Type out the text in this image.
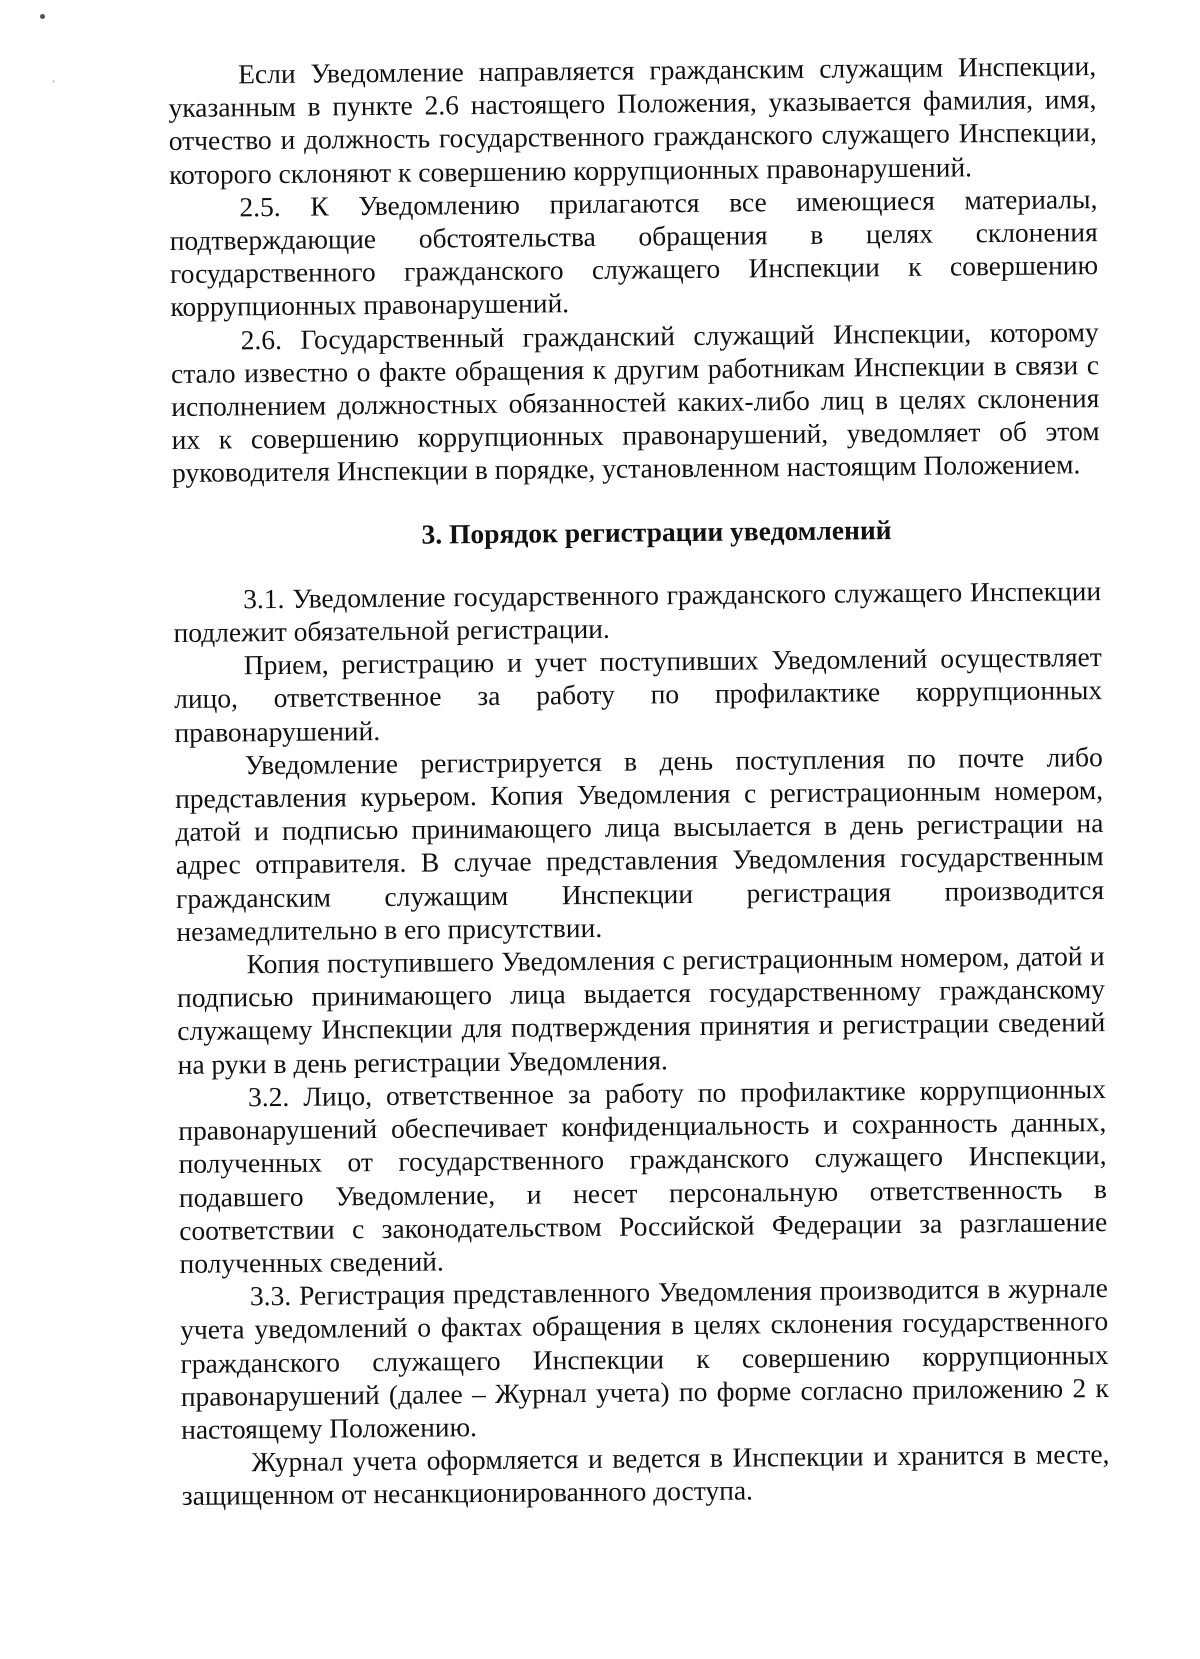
Если Уведомление направляется гражданским служащим Инспекции, указанным в пункте 2.6 настоящего Положения, указывается фамилия, имя, отчество и должность государственного гражданского служащего Инспекции, которого склоняют к совершению коррупционных правонарушений.

2.5. К Уведомлению прилагаются все имеющиеся материалы, подтверждающие обстоятельства обращения в целях склонения государственного гражданского служащего Инспекции к совершению коррупционных правонарушений.

2.6. Государственный гражданский служащий Инспекции, которому стало известно о факте обращения к другим работникам Инспекции в связи с исполнением должностных обязанностей каких-либо лиц в целях склонения их к совершению коррупционных правонарушений, уведомляет об этом руководителя Инспекции в порядке, установленном настоящим Положением.

3. Порядок регистрации уведомлений

3.1. Уведомление государственного гражданского служащего Инспекции подлежит обязательной регистрации.

Прием, регистрацию и учет поступивших Уведомлений осуществляет лицо, ответственное за работу по профилактике коррупционных правонарушений.

Уведомление регистрируется в день поступления по почте либо представления курьером. Копия Уведомления с регистрационным номером, датой и подписью принимающего лица высылается в день регистрации на адрес отправителя. В случае представления Уведомления государственным гражданским служащим Инспекции регистрация производится незамедлительно в его присутствии.

Копия поступившего Уведомления с регистрационным номером, датой и подписью принимающего лица выдается государственному гражданскому служащему Инспекции для подтверждения принятия и регистрации сведений на руки в день регистрации Уведомления.

3.2. Лицо, ответственное за работу по профилактике коррупционных правонарушений обеспечивает конфиденциальность и сохранность данных, полученных от государственного гражданского служащего Инспекции, подавшего Уведомление, и несет персональную ответственность в соответствии с законодательством Российской Федерации за разглашение полученных сведений.

3.3. Регистрация представленного Уведомления производится в журнале учета уведомлений о фактах обращения в целях склонения государственного гражданского служащего Инспекции к совершению коррупционных правонарушений (далее – Журнал учета) по форме согласно приложению 2 к настоящему Положению.

Журнал учета оформляется и ведется в Инспекции и хранится в месте, защищенном от несанкционированного доступа.
